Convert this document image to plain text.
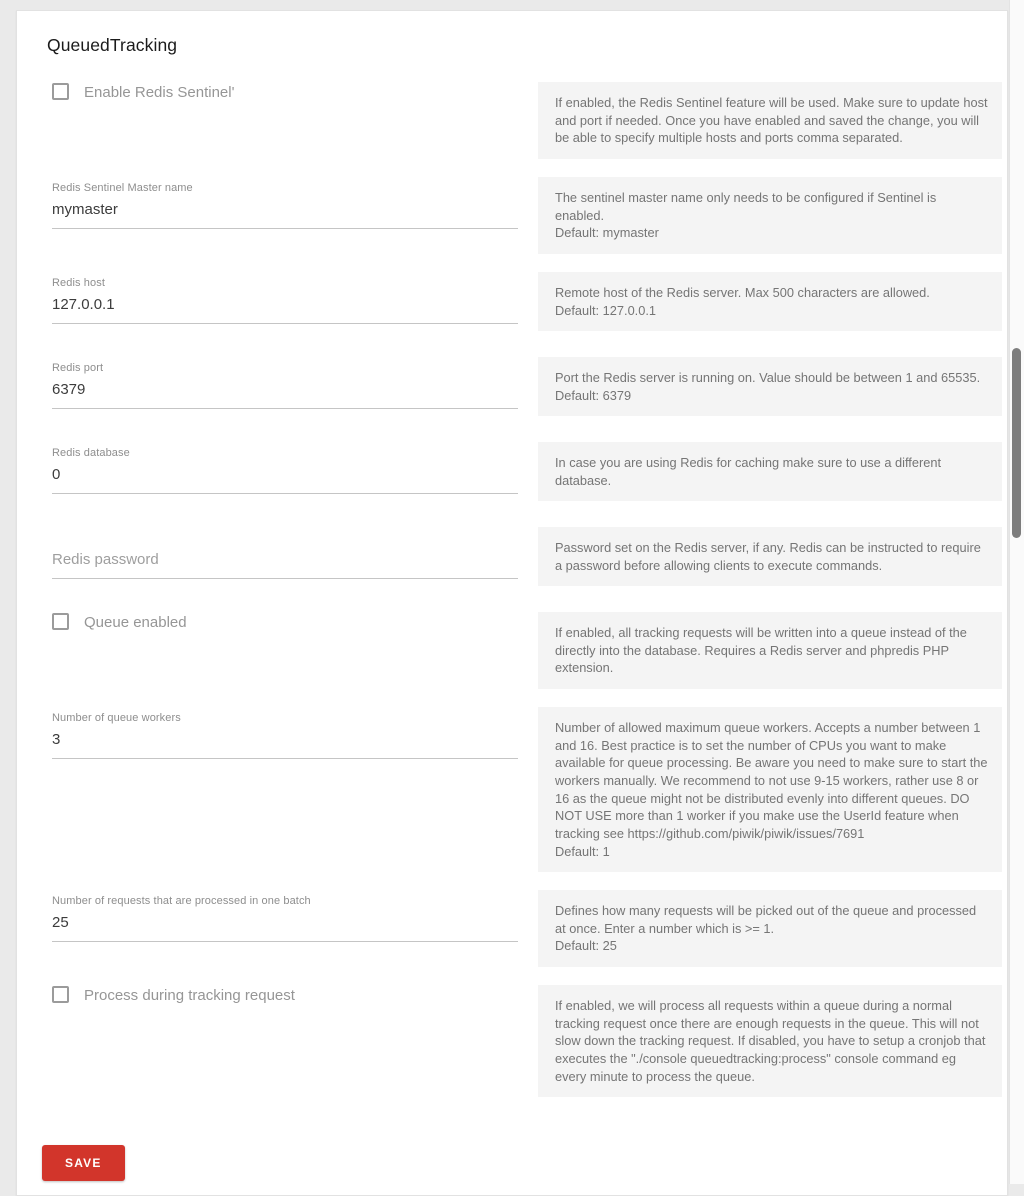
QueuedTracking
Enable Redis Sentinel'
If enabled, the Redis Sentinel feature will be used. Make sure to update host and port if needed. Once you have enabled and saved the change, you will be able to specify multiple hosts and ports comma separated.
Redis Sentinel Master name
mymaster
The sentinel master name only needs to be configured if Sentinel is enabled.
Default: mymaster
Redis host
127.0.0.1
Remote host of the Redis server. Max 500 characters are allowed.
Default: 127.0.0.1
Redis port
6379
Port the Redis server is running on. Value should be between 1 and 65535.
Default: 6379
Redis database
0
In case you are using Redis for caching make sure to use a different database.
Redis password
Password set on the Redis server, if any. Redis can be instructed to require a password before allowing clients to execute commands.
Queue enabled
If enabled, all tracking requests will be written into a queue instead of the directly into the database. Requires a Redis server and phpredis PHP extension.
Number of queue workers
3
Number of allowed maximum queue workers. Accepts a number between 1 and 16. Best practice is to set the number of CPUs you want to make available for queue processing. Be aware you need to make sure to start the workers manually. We recommend to not use 9-15 workers, rather use 8 or 16 as the queue might not be distributed evenly into different queues. DO NOT USE more than 1 worker if you make use the UserId feature when tracking see https://github.com/piwik/piwik/issues/7691
Default: 1
Number of requests that are processed in one batch
25
Defines how many requests will be picked out of the queue and processed at once. Enter a number which is >= 1.
Default: 25
Process during tracking request
If enabled, we will process all requests within a queue during a normal tracking request once there are enough requests in the queue. This will not slow down the tracking request. If disabled, you have to setup a cronjob that executes the "./console queuedtracking:process" console command eg every minute to process the queue.
SAVE
